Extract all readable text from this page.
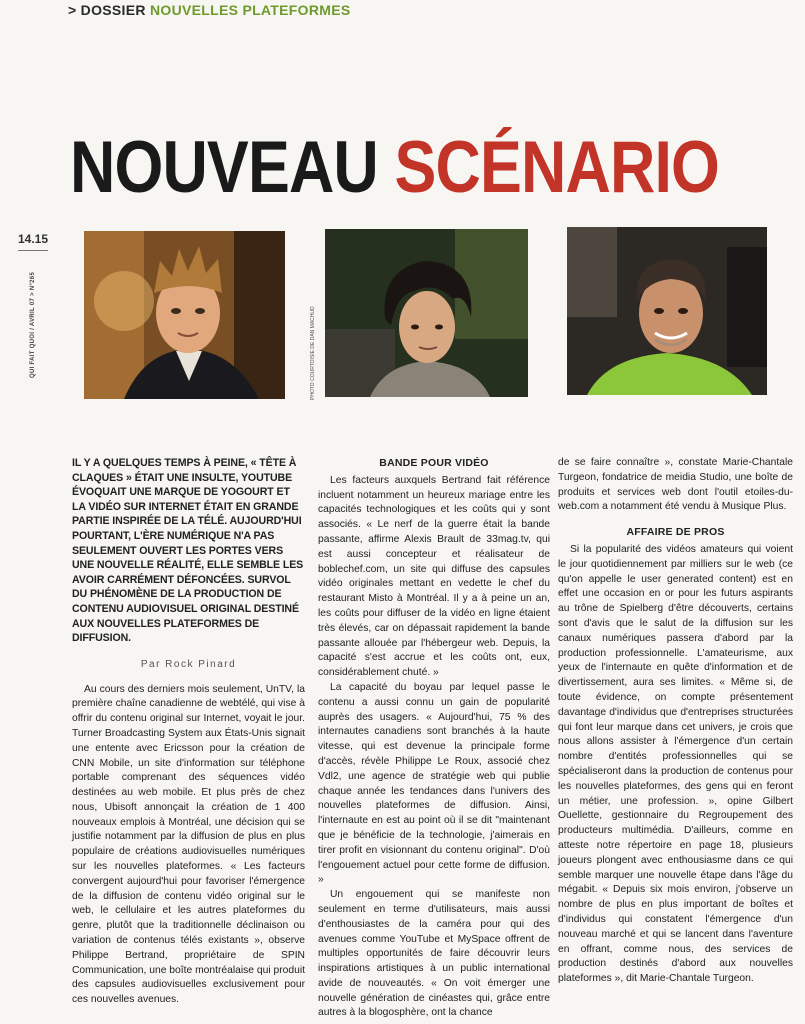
> DOSSIER NOUVELLES PLATEFORMES
NOUVEAU SCÉNARIO
14.15
QUI FAIT QUOI / AVRIL 07 > N°265	PHOTO COURTOISIE DE DAN MACHUD

IL Y A QUELQUES TEMPS À PEINE, « TÊTE À CLAQUES » ÉTAIT UNE INSULTE, YOUTUBE ÉVOQUAIT UNE MARQUE DE YOGOURT ET LA VIDÉO SUR INTERNET ÉTAIT EN GRANDE PARTIE INSPIRÉE DE LA TÉLÉ. AUJOURD'HUI POURTANT, L'ÈRE NUMÉRIQUE N'A PAS SEULEMENT OUVERT LES PORTES VERS UNE NOUVELLE RÉALITÉ, ELLE SEMBLE LES AVOIR CARRÉMENT DÉFONCÉES. SURVOL DU PHÉNOMÈNE DE LA PRODUCTION DE CONTENU AUDIOVISUEL ORIGINAL DESTINÉ AUX NOUVELLES PLATEFORMES DE DIFFUSION.

Par Rock Pinard

Au cours des derniers mois seulement, UnTV, la première chaîne canadienne de webtélé, qui vise à offrir du contenu original sur Internet, voyait le jour. Turner Broadcasting System aux États-Unis signait une entente avec Ericsson pour la création de CNN Mobile, un site d'information sur téléphone portable comprenant des séquences vidéo destinées au web mobile. Et plus près de chez nous, Ubisoft annonçait la création de 1 400 nouveaux emplois à Montréal, une décision qui se justifie notamment par la diffusion de plus en plus populaire de créations audiovisuelles numériques sur les nouvelles plateformes. « Les facteurs convergent aujourd'hui pour favoriser l'émergence de la diffusion de contenu vidéo original sur le web, le cellulaire et les autres plateformes du genre, plutôt que la traditionnelle déclinaison ou variation de contenus télés existants », observe Philippe Bertrand, propriétaire de SPIN Communication, une boîte montréalaise qui produit des capsules audiovisuelles exclusivement pour ces nouvelles avenues.

BANDE POUR VIDÉO

Les facteurs auxquels Bertrand fait référence incluent notamment un heureux mariage entre les capacités technologiques et les coûts qui y sont associés. « Le nerf de la guerre était la bande passante, affirme Alexis Brault de 33mag.tv, qui est aussi concepteur et réalisateur de boblechef.com, un site qui diffuse des capsules vidéo originales mettant en vedette le chef du restaurant Misto à Montréal. Il y a à peine un an, les coûts pour diffuser de la vidéo en ligne étaient très élevés, car on dépassait rapidement la bande passante allouée par l'hébergeur web. Depuis, la capacité s'est accrue et les coûts ont, eux, considérablement chuté. »

La capacité du boyau par lequel passe le contenu a aussi connu un gain de popularité auprès des usagers. « Aujourd'hui, 75 % des internautes canadiens sont branchés à la haute vitesse, qui est devenue la principale forme d'accès, révèle Philippe Le Roux, associé chez Vdl2, une agence de stratégie web qui publie chaque année les tendances dans l'univers des nouvelles plateformes de diffusion. Ainsi, l'internaute en est au point où il se dit "maintenant que je bénéficie de la technologie, j'aimerais en tirer profit en visionnant du contenu original". D'où l'engouement actuel pour cette forme de diffusion. »

Un engouement qui se manifeste non seulement en terme d'utilisateurs, mais aussi d'enthousiastes de la caméra pour qui des avenues comme YouTube et MySpace offrent de multiples opportunités de faire découvrir leurs inspirations artistiques à un public international avide de nouveautés. « On voit émerger une nouvelle génération de cinéastes qui, grâce entre autres à la blogosphère, ont la chance

de se faire connaître », constate Marie-Chantale Turgeon, fondatrice de meidia Studio, une boîte de produits et services web dont l'outil etoiles-du-web.com a notamment été vendu à Musique Plus.

AFFAIRE DE PROS

Si la popularité des vidéos amateurs qui voient le jour quotidiennement par milliers sur le web (ce qu'on appelle le user generated content) est en effet une occasion en or pour les futurs aspirants au trône de Spielberg d'être découverts, certains sont d'avis que le salut de la diffusion sur les canaux numériques passera d'abord par la production professionnelle. L'amateurisme, aux yeux de l'internaute en quête d'information et de divertissement, aura ses limites. « Même si, de toute évidence, on compte présentement davantage d'individus que d'entreprises structurées qui font leur marque dans cet univers, je crois que nous allons assister à l'émergence d'un certain nombre d'entités professionnelles qui se spécialiseront dans la production de contenus pour les nouvelles plateformes, des gens qui en feront un métier, une profession. », opine Gilbert Ouellette, gestionnaire du Regroupement des producteurs multimédia. D'ailleurs, comme en atteste notre répertoire en page 18, plusieurs joueurs plongent avec enthousiasme dans ce qui semble marquer une nouvelle étape dans l'âge du mégabit. « Depuis six mois environ, j'observe un nombre de plus en plus important de boîtes et d'individus qui constatent l'émergence d'un nouveau marché et qui se lancent dans l'aventure en offrant, comme nous, des services de production destinés d'abord aux nouvelles plateformes », dit Marie-Chantale Turgeon.
